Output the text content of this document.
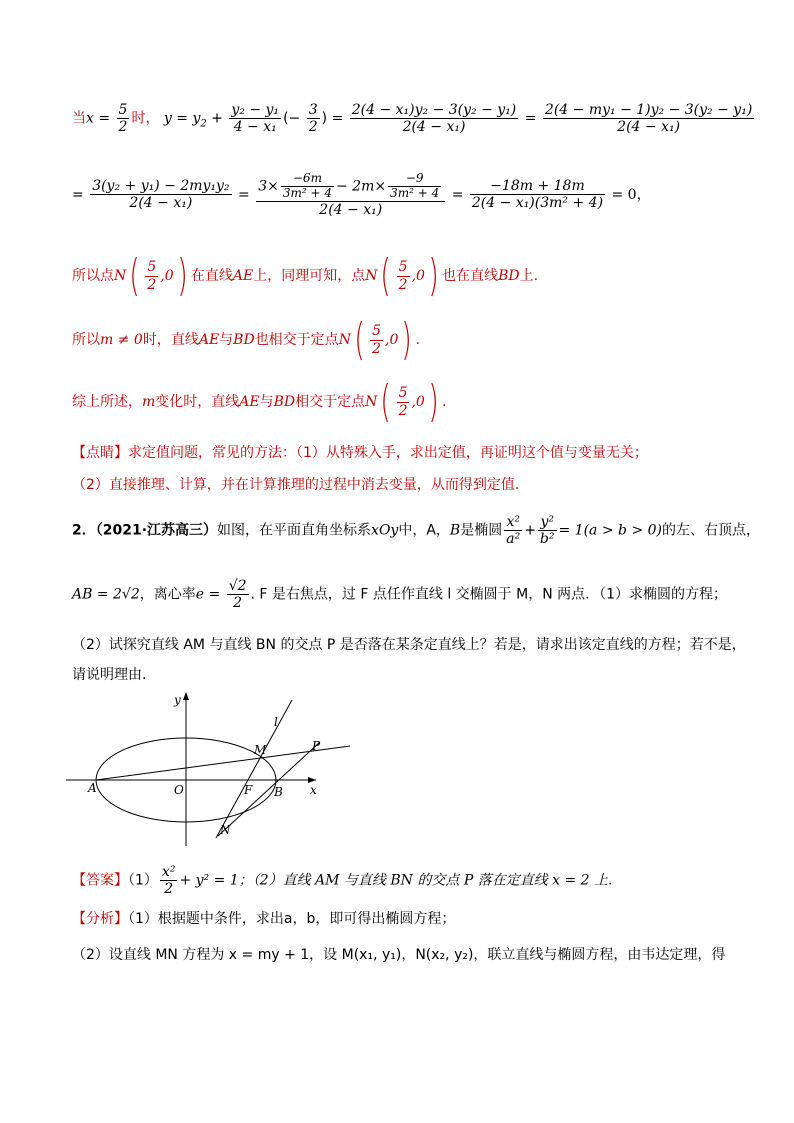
当$x = \frac{5}{2}$ 时， $y = y_2 + \frac{\text{y₂ − y₁}}{\text{4 − x₁}}$ (− $\frac{3}{2}$ ) = $\frac{\text{2(4 − x₁)y₂ − 3(y₂ − y₁)}}{\text{2(4 − x₁)}} = \frac{\text{2(4 − my₁ − 1)y₂ − 3(y₂ − y₁)}}{\text{2(4 − x₁)}}$
= $\frac{\text{3(y₂ + y₁) − 2my₁y₂}}{\text{2(4 − x₁)}} = \frac{3\times \frac{-6m}{\text{3m² + 4}} - 2m\times \frac{-9}{\text{3m² + 4}}}{\text{2(4 − x₁)}} = \frac{-18m + 18m}{\text{2(4 − x₁)(3m² + 4)}} = 0$，
所以点$N( \frac{5}{2} ,0)$ 在直线AE上，同理可知，点$N( \frac{5}{2} ,0)$ 也在直线BD上.
所以m ≠ 0时，直线AE与BD也相交于定点$N( \frac{5}{2} ,0)$ .
综上所述，m变化时，直线AE与BD相交于定点$N( \frac{5}{2} ,0)$ .
【点睛】求定值问题，常见的方法：（1）从特殊入手，求出定值，再证明这个值与变量无关；
（2）直接推理、计算，并在计算推理的过程中消去变量，从而得到定值.
2．（2021·江苏高三）如图，在平面直角坐标系xOy中，A，B是椭圆 $\frac{\text{x²}}{\text{a²}} + \frac{\text{y²}}{\text{b²}} = 1(a > b > 0)$的左、右顶点，
AB = 2√2，离心率$e = \frac{√2}{2}$ . F 是右焦点，过 F 点任作直线 l 交椭圆于 M，N 两点．（1）求椭圆的方程；
（2）试探究直线 AM 与直线 BN 的交点 P 是否落在某条定直线上？若是，请求出该定直线的方程；若不是，
请说明理由.
y
x
A	O	F B
M
N
P
l
【答案】$(1) \frac{\text{x²}}{2} + y^2 = 1$；（2）直线 AM 与直线 BN 的交点 P 落在定直线 x = 2 上.
【分析】（1）根据题中条件，求出a，b，即可得出椭圆方程；
（2）设直线 MN 方程为 x = my + 1，设 M(x₁, y₁)，N(x₂, y₂)，联立直线与椭圆方程，由韦达定理，得
